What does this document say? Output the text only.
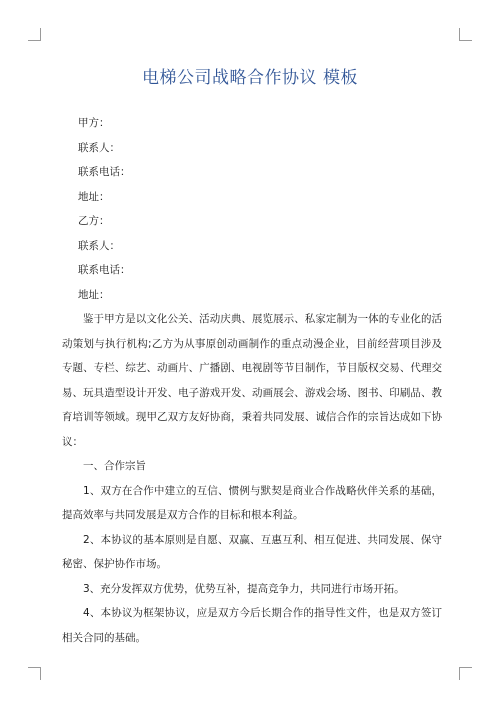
电梯公司战略合作协议 模板
甲方：
联系人：
联系电话：
地址：
乙方：
联系人：
联系电话：
地址：

鉴于甲方是以文化公关、活动庆典、展览展示、私家定制为一体的专业化的活动策划与执行机构;乙方为从事原创动画制作的重点动漫企业，目前经营项目涉及专题、专栏、综艺、动画片、广播剧、电视剧等节目制作，节目版权交易、代理交易、玩具造型设计开发、电子游戏开发、动画展会、游戏会场、图书、印刷品、教育培训等领域。现甲乙双方友好协商，秉着共同发展、诚信合作的宗旨达成如下协议：

一、合作宗旨

1、双方在合作中建立的互信、惯例与默契是商业合作战略伙伴关系的基础，提高效率与共同发展是双方合作的目标和根本利益。

2、本协议的基本原则是自愿、双赢、互惠互利、相互促进、共同发展、保守秘密、保护协作市场。

3、充分发挥双方优势，优势互补，提高竞争力，共同进行市场开拓。

4、本协议为框架协议，应是双方今后长期合作的指导性文件，也是双方签订相关合同的基础。
